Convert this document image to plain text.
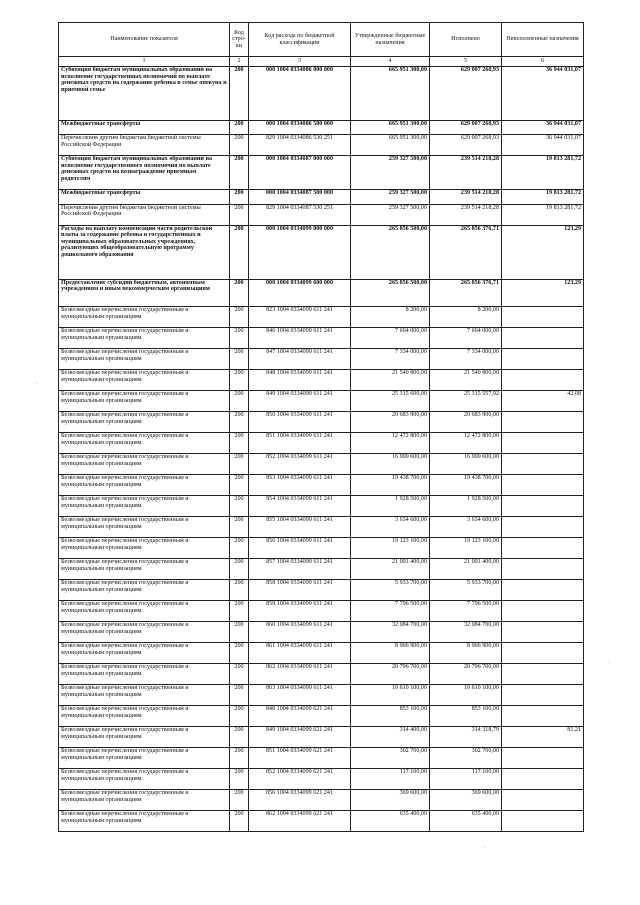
Наименование показателя	Код стро-ки	Код расхода по бюджетной классификации	Утвержденные бюджетные назначения	Исполнено	Неисполненные назначения
1	2	3	4	5	6
Субвенция бюджетам муниципальных образований на исполнение государственных полномочий по выплате денежных средств на содержание ребенка в семье опекуна и приемной семье	200	000 1004 0334086 000 000	665 951 300,00	629 007 268,93	36 944 031,07
Межбюджетные трансферты	200	000 1004 0334086 500 000	665 951 300,00	629 007 268,93	36 944 031,07
Перечисления другим бюджетам бюджетной системы Российской Федерации	200	829 1004 0334086 530 251	665 951 300,00	629 007 268,93	36 944 031,07
Субвенция бюджетам муниципальных образований на исполнение государственного полномочия по выплате денежных средств на вознаграждение приемным родителям	200	000 1004 0334087 000 000	259 327 500,00	239 514 218,28	19 813 281,72
Межбюджетные трансферты	200	000 1004 0334087 500 000	259 327 500,00	239 514 218,28	19 813 281,72
Перечисления другим бюджетам бюджетной системы Российской Федерации	200	829 1004 0334087 530 251	259 327 500,00	239 514 218,28	19 813 281,72
Расходы на выплату компенсации части родительской платы за содержание ребенка в государственных и муниципальных образовательных учреждениях, реализующих общеобразовательную программу дошкольного образования	200	000 1004 0334099 000 000	265 856 500,00	265 856 376,71	123,29
Предоставление субсидий бюджетным, автономным учреждениям и иным некоммерческим организациям	200	000 1004 0334099 600 000	265 856 500,00	265 856 376,71	123,29
Безвозмездные перечисления государственным и муниципальным организациям	200	823 1004 0334099 611 241	8 200,00	8 200,00	
Безвозмездные перечисления государственным и муниципальным организациям	200	846 1004 0334099 611 241	7 604 000,00	7 604 000,00	
Безвозмездные перечисления государственным и муниципальным организациям	200	847 1004 0334099 611 241	7 334 000,00	7 334 000,00	
Безвозмездные перечисления государственным и муниципальным организациям	200	848 1004 0334099 611 241	21 540 800,00	21 540 800,00	
Безвозмездные перечисления государственным и муниципальным организациям	200	849 1004 0334099 611 241	25 315 600,00	25 315 557,92	42,08
Безвозмездные перечисления государственным и муниципальным организациям	200	850 1004 0334099 611 241	20 683 900,00	20 683 900,00	
Безвозмездные перечисления государственным и муниципальным организациям	200	851 1004 0334099 611 241	12 472 800,00	12 472 800,00	
Безвозмездные перечисления государственным и муниципальным организациям	200	852 1004 0334099 611 241	16 900 600,00	16 900 600,00	
Безвозмездные перечисления государственным и муниципальным организациям	200	853 1004 0334099 611 241	19 438 700,00	19 438 700,00	
Безвозмездные перечисления государственным и муниципальным организациям	200	854 1004 0334099 611 241	1 928 500,00	1 928 500,00	
Безвозмездные перечисления государственным и муниципальным организациям	200	855 1004 0334099 611 241	3 634 600,00	3 634 600,00	
Безвозмездные перечисления государственным и муниципальным организациям	200	856 1004 0334099 611 241	19 123 100,00	19 123 100,00	
Безвозмездные перечисления государственным и муниципальным организациям	200	857 1004 0334099 611 241	21 091 400,00	21 091 400,00	
Безвозмездные перечисления государственным и муниципальным организациям	200	858 1004 0334099 611 241	5 933 700,00	5 933 700,00	
Безвозмездные перечисления государственным и муниципальным организациям	200	859 1004 0334099 611 241	7 796 500,00	7 796 500,00	
Безвозмездные перечисления государственным и муниципальным организациям	200	860 1004 0334099 611 241	32 084 700,00	32 084 700,00	
Безвозмездные перечисления государственным и муниципальным организациям	200	861 1004 0334099 611 241	8 966 900,00	8 966 900,00	
Безвозмездные перечисления государственным и муниципальным организациям	200	862 1004 0334099 611 241	20 796 700,00	20 796 700,00	
Безвозмездные перечисления государственным и муниципальным организациям	200	863 1004 0334099 611 241	10 610 100,00	10 610 100,00	
Безвозмездные перечисления государственным и муниципальным организациям	200	848 1004 0334099 621 241	853 100,00	853 100,00	
Безвозмездные перечисления государственным и муниципальным организациям	200	849 1004 0334099 621 241	314 400,00	314 318,79	81,21
Безвозмездные перечисления государственным и муниципальным организациям	200	851 1004 0334099 621 241	302 700,00	302 700,00	
Безвозмездные перечисления государственным и муниципальным организациям	200	852 1004 0334099 621 241	117 100,00	117 100,00	
Безвозмездные перечисления государственным и муниципальным организациям	200	856 1004 0334099 621 241	369 600,00	369 600,00	
Безвозмездные перечисления государственным и муниципальным организациям	200	862 1004 0334099 621 241	635 400,00	635 400,00	
·
·
·
